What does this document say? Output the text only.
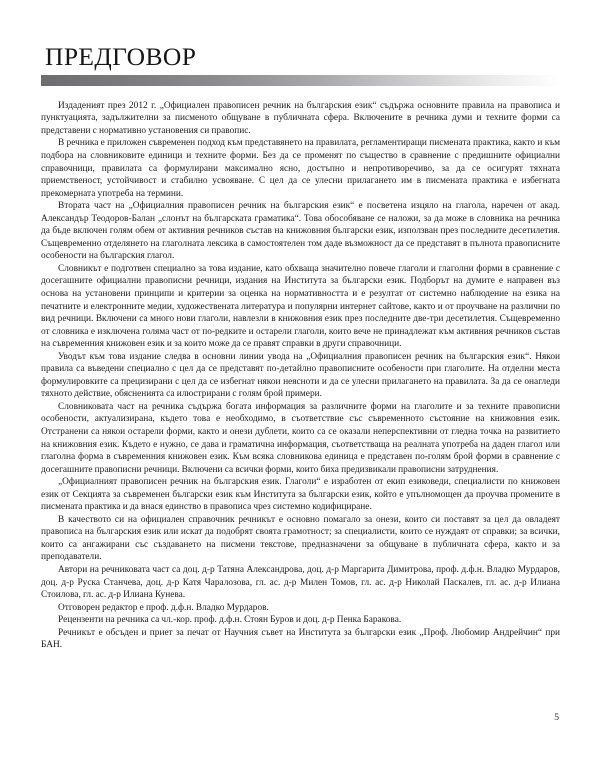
ПРЕДГОВОР

Издаденият през 2012 г. „Официален правописен речник на българския език“ съдържа основните правила на правописа и пунктуацията, задължителни за писменото общуване в публичната сфера. Включените в речника думи и техните форми са представени с нормативно установения си правопис.

В речника е приложен съвременен подход към представянето на правилата, регламентиращи писмената практика, както и към подбора на словниковите единици и техните форми. Без да се променят по същество в сравнение с предишните официални справочници, правилата са формулирани максимално ясно, достъпно и непротиворечиво, за да се осигурят тяхната приемственост, устойчивост и стабилно усвояване. С цел да се улесни прилагането им в писмената практика е избегната прекомерната употреба на термини.

Втората част на „Официалния правописен речник на българския език“ е посветена изцяло на глагола, наречен от акад. Александър Теодоров-Балан „слонът на българската граматика“. Това обособяване се наложи, за да може в словника на речника да бъде включен голям обем от активния речников състав на книжовния български език, използван през последните десетилетия. Същевременно отделянето на глаголната лексика в самостоятелен том даде възможност да се представят в пълнота правописните особености на българския глагол.

Словникът е подготвен специално за това издание, като обхваща значително повече глаголи и глаголни форми в сравнение с досегашните официални правописни речници, издания на Института за български език. Подборът на думите е направен въз основа на установени принципи и критерии за оценка на нормативността и е резултат от системно наблюдение на езика на печатните и електронните медии, художествената литература и популярни интернет сайтове, както и от проучване на различни по вид речници. Включени са много нови глаголи, навлезли в книжовния език през последните две-три десетилетия. Същевременно от словника е изключена голяма част от по-редките и остарели глаголи, които вече не принадлежат към активния речников състав на съвременния книжовен език и за които може да се правят справки в други справочници.

Уводът към това издание следва в основни линии увода на „Официалния правописен речник на българския език“. Някои правила са въведени специално с цел да се представят по-детайлно правописните особености при глаголите. На отделни места формулировките са прецизирани с цел да се избегнат някои неясноти и да се улесни прилагането на правилата. За да се онагледи тяхното действие, обясненията са илюстрирани с голям брой примери.

Словниковата част на речника съдържа богата информация за различните форми на глаголите и за техните правописни особености, актуализирана, където това е необходимо, в съответствие със съвременното състояние на книжовния език. Отстранени са някои остарели форми, както и онези дублети, които са се оказали неперспективни от гледна точка на развитието на книжовния език. Където е нужно, се дава и граматична информация, съответстваща на реалната употреба на даден глагол или глаголна форма в съвременния книжовен език. Към всяка словникова единица е представен по-голям брой форми в сравнение с досегашните правописни речници. Включени са всички форми, които биха предизвикали правописни затруднения.

„Официалният правописен речник на българския език. Глаголи“ е изработен от екип езиковеди, специалисти по книжовен език от Секцията за съвременен български език към Института за български език, който е упълномощен да проучва промените в писмената практика и да внася единство в правописа чрез системно кодифициране.

В качеството си на официален справочник речникът е основно помагало за онези, които си поставят за цел да овладеят правописа на българския език или искат да подобрят своята грамотност; за специалисти, които се нуждаят от справки; за всички, които са ангажирани със създаването на писмени текстове, предназначени за общуване в публичната сфера, както и за преподаватели.

Автори на речниковата част са доц. д-р Татяна Александрова, доц. д-р Маргарита Димитрова, проф. д.ф.н. Владко Мурдаров, доц. д-р Руска Станчева, доц. д-р Катя Чаралозова, гл. ас. д-р Милен Томов, гл. ас. д-р Николай Паскалев, гл. ас. д-р Илиана Стоилова, гл. ас. д-р Илиана Кунева.

Отговорен редактор е проф. д.ф.н. Владко Мурдаров.

Рецензенти на речника са чл.-кор. проф. д.ф.н. Стоян Буров и доц. д-р Пенка Баракова.

Речникът е обсъден и приет за печат от Научния съвет на Института за български език „Проф. Любомир Андрейчин“ при БАН.

5
